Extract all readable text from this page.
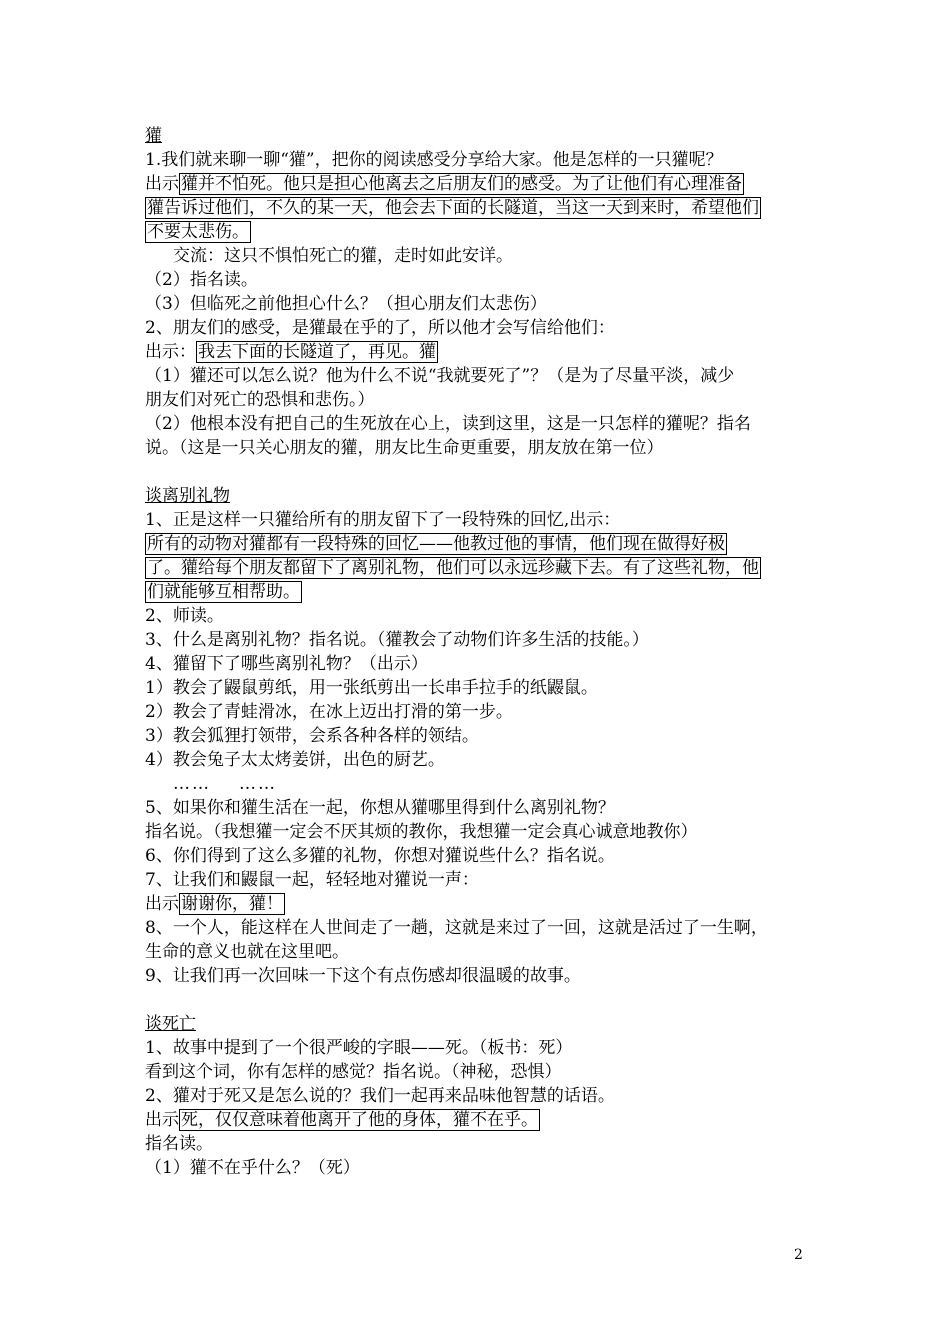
獾
1.我们就来聊一聊“獾”，把你的阅读感受分享给大家。他是怎样的一只獾呢？
出示 獾并不怕死。他只是担心他离去之后朋友们的感受。为了让他们有心理准备
獾告诉过他们，不久的某一天，他会去下面的长隧道，当这一天到来时，希望他们
不要太悲伤。
交流：这只不惧怕死亡的獾，走时如此安详。
（2）指名读。
（3）但临死之前他担心什么？（担心朋友们太悲伤）
2、朋友们的感受，是獾最在乎的了，所以他才会写信给他们：
出示： 我去下面的长隧道了，再见。獾
（1）獾还可以怎么说？他为什么不说“我就要死了”？（是为了尽量平淡，减少
朋友们对死亡的恐惧和悲伤。）
（2）他根本没有把自己的生死放在心上，读到这里，这是一只怎样的獾呢？指名
说。（这是一只关心朋友的獾，朋友比生命更重要，朋友放在第一位）
谈离别礼物
1、正是这样一只獾给所有的朋友留下了一段特殊的回忆,出示：
所有的动物对獾都有一段特殊的回忆——他教过他的事情，他们现在做得好极
了。獾给每个朋友都留下了离别礼物，他们可以永远珍藏下去。有了这些礼物，他
们就能够互相帮助。
2、师读。
3、什么是离别礼物？指名说。（獾教会了动物们许多生活的技能。）
4、獾留下了哪些离别礼物？（出示）
1）教会了鼹鼠剪纸，用一张纸剪出一长串手拉手的纸鼹鼠。
2）教会了青蛙滑冰，在冰上迈出打滑的第一步。
3）教会狐狸打领带，会系各种各样的领结。
4）教会兔子太太烤姜饼，出色的厨艺。
…… ……
5、如果你和獾生活在一起，你想从獾哪里得到什么离别礼物？
指名说。（我想獾一定会不厌其烦的教你，我想獾一定会真心诚意地教你）
6、你们得到了这么多獾的礼物，你想对獾说些什么？指名说。
7、让我们和鼹鼠一起，轻轻地对獾说一声：
出示 谢谢你，獾！
8、一个人，能这样在人世间走了一趟，这就是来过了一回，这就是活过了一生啊，
生命的意义也就在这里吧。
9、让我们再一次回味一下这个有点伤感却很温暖的故事。
谈死亡
1、故事中提到了一个很严峻的字眼——死。（板书：死）
看到这个词，你有怎样的感觉？指名说。（神秘，恐惧）
2、獾对于死又是怎么说的？我们一起再来品味他智慧的话语。
出示 死，仅仅意味着他离开了他的身体，獾不在乎。
指名读。
（1）獾不在乎什么？（死）
2
